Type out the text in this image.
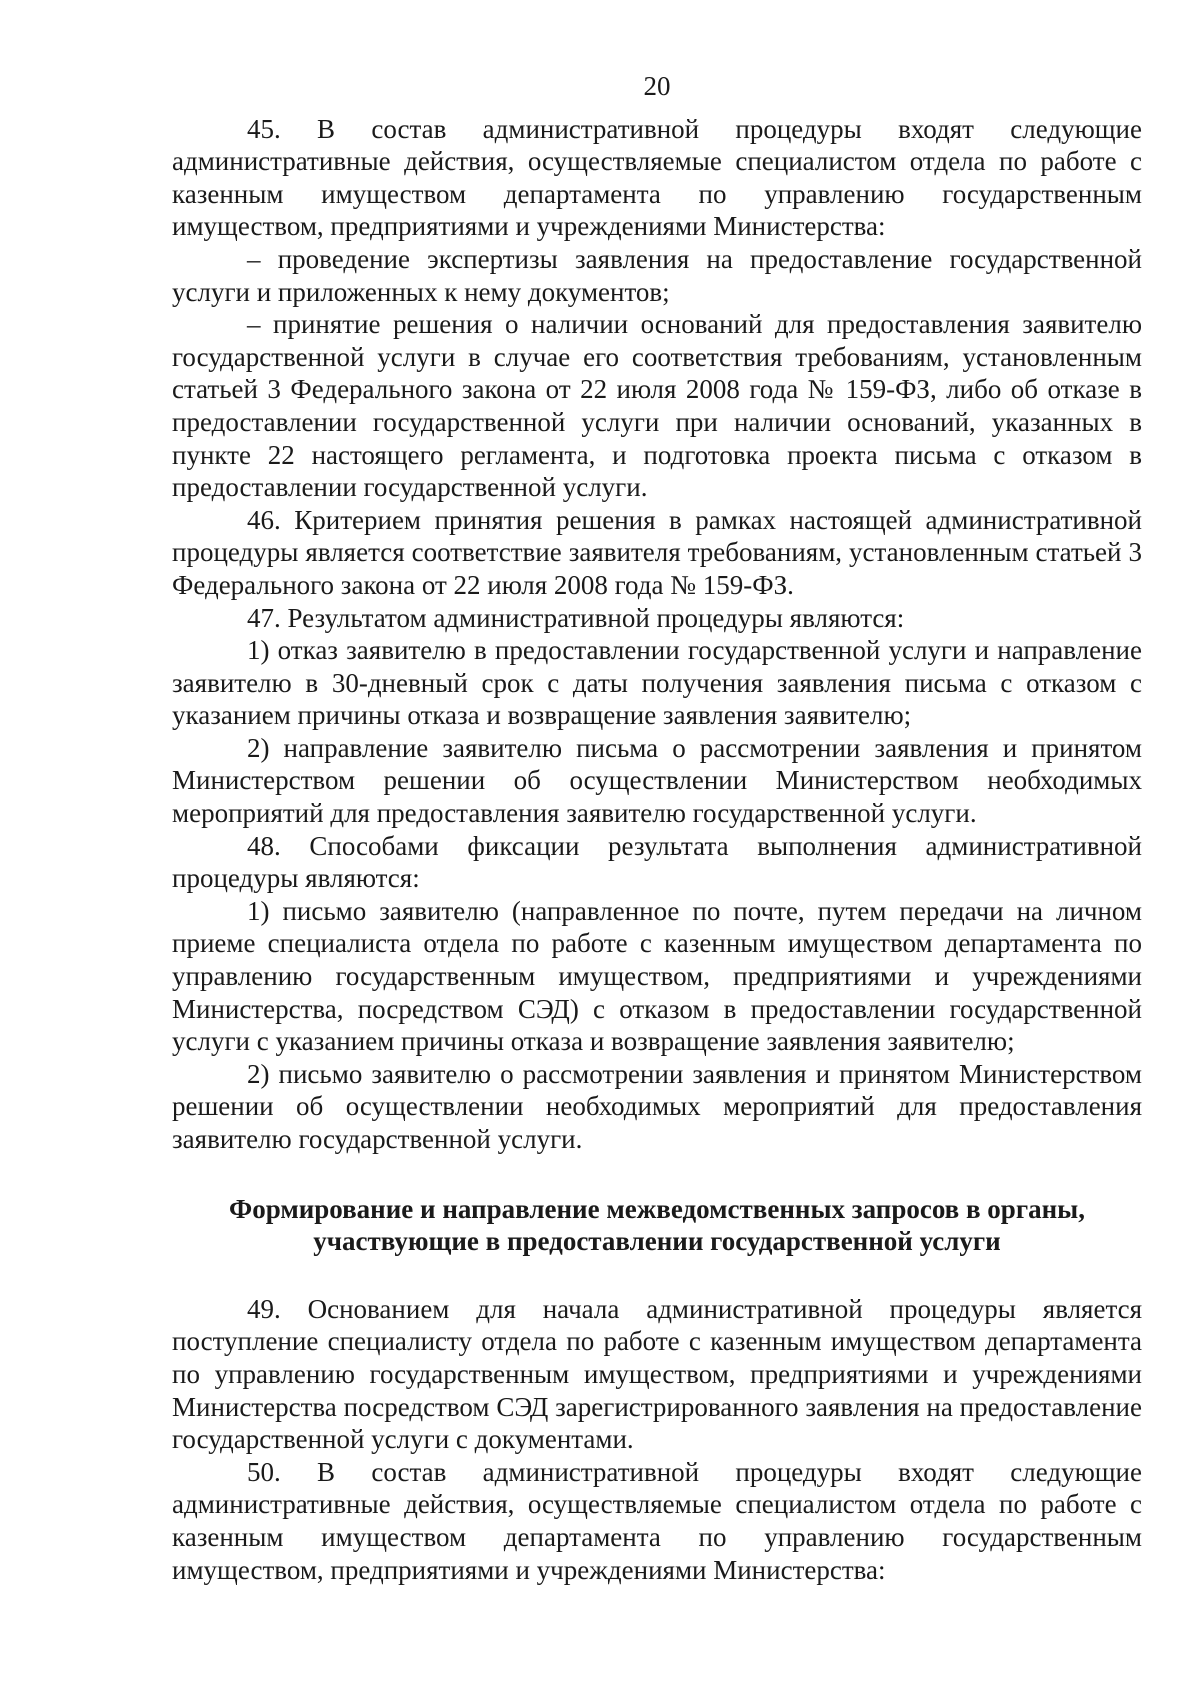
20

45. В состав административной процедуры входят следующие административные действия, осуществляемые специалистом отдела по работе с казенным имуществом департамента по управлению государственным имуществом, предприятиями и учреждениями Министерства:

– проведение экспертизы заявления на предоставление государственной услуги и приложенных к нему документов;

– принятие решения о наличии оснований для предоставления заявителю государственной услуги в случае его соответствия требованиям, установленным статьей 3 Федерального закона от 22 июля 2008 года № 159-ФЗ, либо об отказе в предоставлении государственной услуги при наличии оснований, указанных в пункте 22 настоящего регламента, и подготовка проекта письма с отказом в предоставлении государственной услуги.

46. Критерием принятия решения в рамках настоящей административной процедуры является соответствие заявителя требованиям, установленным статьей 3 Федерального закона от 22 июля 2008 года № 159-ФЗ.

47. Результатом административной процедуры являются:

1) отказ заявителю в предоставлении государственной услуги и направление заявителю в 30-дневный срок с даты получения заявления письма с отказом с указанием причины отказа и возвращение заявления заявителю;

2) направление заявителю письма о рассмотрении заявления и принятом Министерством решении об осуществлении Министерством необходимых мероприятий для предоставления заявителю государственной услуги.

48. Способами фиксации результата выполнения административной процедуры являются:

1) письмо заявителю (направленное по почте, путем передачи на личном приеме специалиста отдела по работе с казенным имуществом департамента по управлению государственным имуществом, предприятиями и учреждениями Министерства, посредством СЭД) с отказом в предоставлении государственной услуги с указанием причины отказа и возвращение заявления заявителю;

2) письмо заявителю о рассмотрении заявления и принятом Министерством решении об осуществлении необходимых мероприятий для предоставления заявителю государственной услуги.

Формирование и направление межведомственных запросов в органы,
участвующие в предоставлении государственной услуги

49. Основанием для начала административной процедуры является поступление специалисту отдела по работе с казенным имуществом департамента по управлению государственным имуществом, предприятиями и учреждениями Министерства посредством СЭД зарегистрированного заявления на предоставление государственной услуги с документами.

50. В состав административной процедуры входят следующие административные действия, осуществляемые специалистом отдела по работе с казенным имуществом департамента по управлению государственным имуществом, предприятиями и учреждениями Министерства:
